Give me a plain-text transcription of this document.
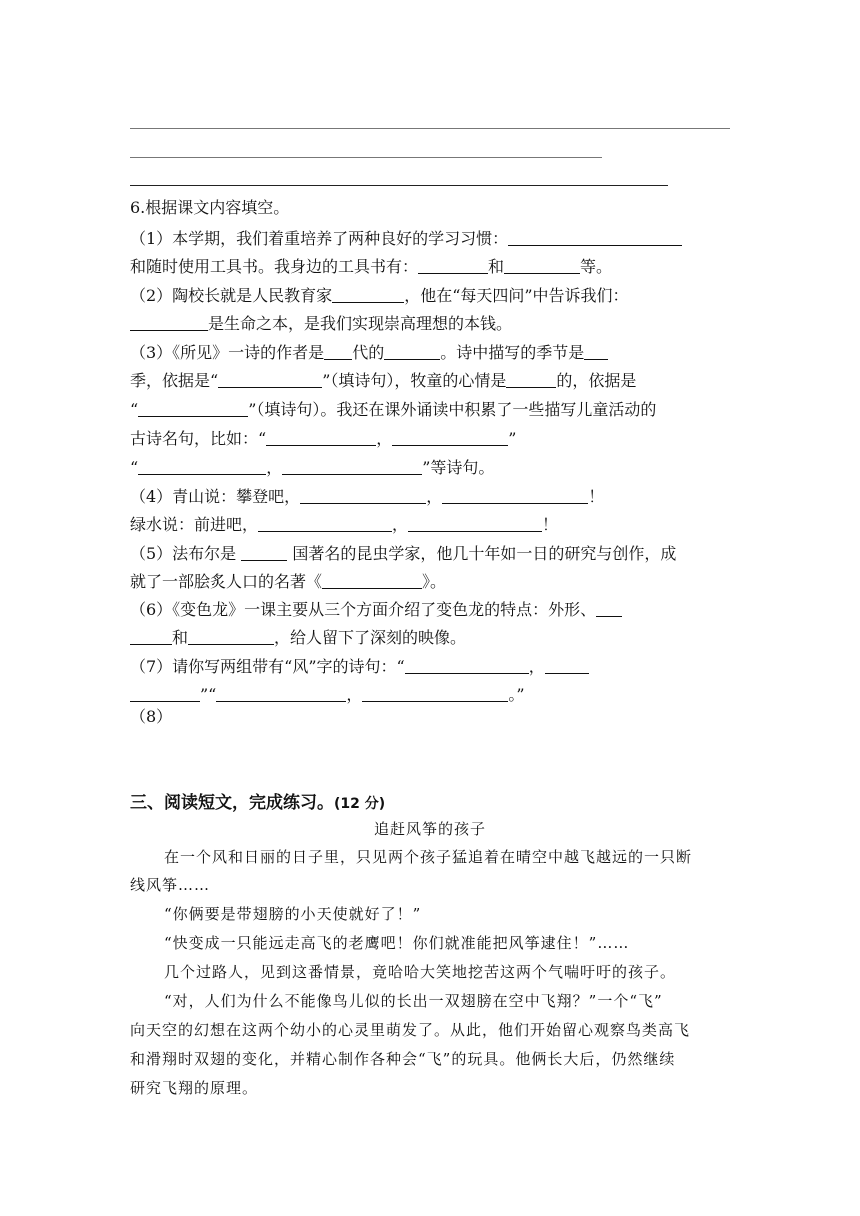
6.根据课文内容填空。
（1）本学期，我们着重培养了两种良好的学习习惯：
和随时使用工具书。我身边的工具书有：	和	等。
（2）陶校长就是人民教育家	，他在“每天四问”中告诉我们：
是生命之本，是我们实现崇高理想的本钱。
（3）《所见》一诗的作者是 代的	。诗中描写的季节是
季，依据是“	”（填诗句），牧童的心情是	的，依据是
“	”（填诗句）。我还在课外诵读中积累了一些描写儿童活动的
古诗名句，比如：“	，	”
“	，	”等诗句。
（4）青山说：攀登吧，	，	！
绿水说：前进吧，	，	！
（5）法布尔是	国著名的昆虫学家，他几十年如一日的研究与创作，成
就了一部脍炙人口的名著《	》。
（6）《变色龙》一课主要从三个方面介绍了变色龙的特点：外形、
和	，给人留下了深刻的映像。
（7）请你写两组带有“风”字的诗句：“	，
”“	，	。”
（8）
三、阅读短文，完成练习。(12 分)
追赶风筝的孩子
在一个风和日丽的日子里，只见两个孩子猛追着在晴空中越飞越远的一只断
线风筝……
“你俩要是带翅膀的小天使就好了！”
“快变成一只能远走高飞的老鹰吧！你们就准能把风筝逮住！”……
几个过路人，见到这番情景，竟哈哈大笑地挖苦这两个气喘吁吁的孩子。
“对，人们为什么不能像鸟儿似的长出一双翅膀在空中飞翔？”一个“飞”
向天空的幻想在这两个幼小的心灵里萌发了。从此，他们开始留心观察鸟类高飞
和滑翔时双翅的变化，并精心制作各种会“飞”的玩具。他俩长大后，仍然继续
研究飞翔的原理。
